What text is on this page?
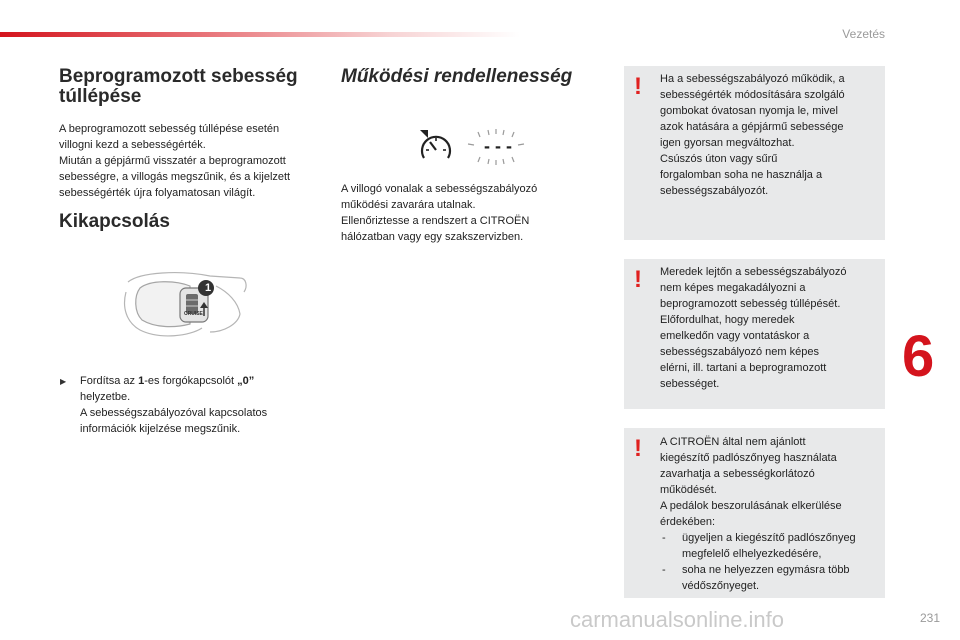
Vezetés
Beprogramozott sebesség
túllépése
A beprogramozott sebesség túllépése esetén
villogni kezd a sebességérték.
Miután a gépjármű visszatér a beprogramozott
sebességre, a villogás megszűnik, és a kijelzett
sebességérték újra folyamatosan világít.
Kikapcsolás
1
CRUISE
▶ Fordítsa az 1-es forgókapcsolót „0”
helyzetbe.
A sebességszabályozóval kapcsolatos
információk kijelzése megszűnik.
Működési rendellenesség
- - -
A villogó vonalak a sebességszabályozó
működési zavarára utalnak.
Ellenőriztesse a rendszert a CITROËN
hálózatban vagy egy szakszervizben.
! Ha a sebességszabályozó működik, a
sebességérték módosítására szolgáló
gombokat óvatosan nyomja le, mivel
azok hatására a gépjármű sebessége
igen gyorsan megváltozhat.
Csúszós úton vagy sűrű
forgalomban soha ne használja a
sebességszabályozót.
! Meredek lejtőn a sebességszabályozó
nem képes megakadályozni a
beprogramozott sebesség túllépését.
Előfordulhat, hogy meredek
emelkedőn vagy vontatáskor a
sebességszabályozó nem képes
elérni, ill. tartani a beprogramozott
sebességet.
! A CITROËN által nem ajánlott
kiegészítő padlószőnyeg használata
zavarhatja a sebességkorlátozó
működését.
A pedálok beszorulásának elkerülése
érdekében:
- ügyeljen a kiegészítő padlószőnyeg
megfelelő elhelyezkedésére,
- soha ne helyezzen egymásra több
védőszőnyeget.
6
carmanualsonline.info	231
